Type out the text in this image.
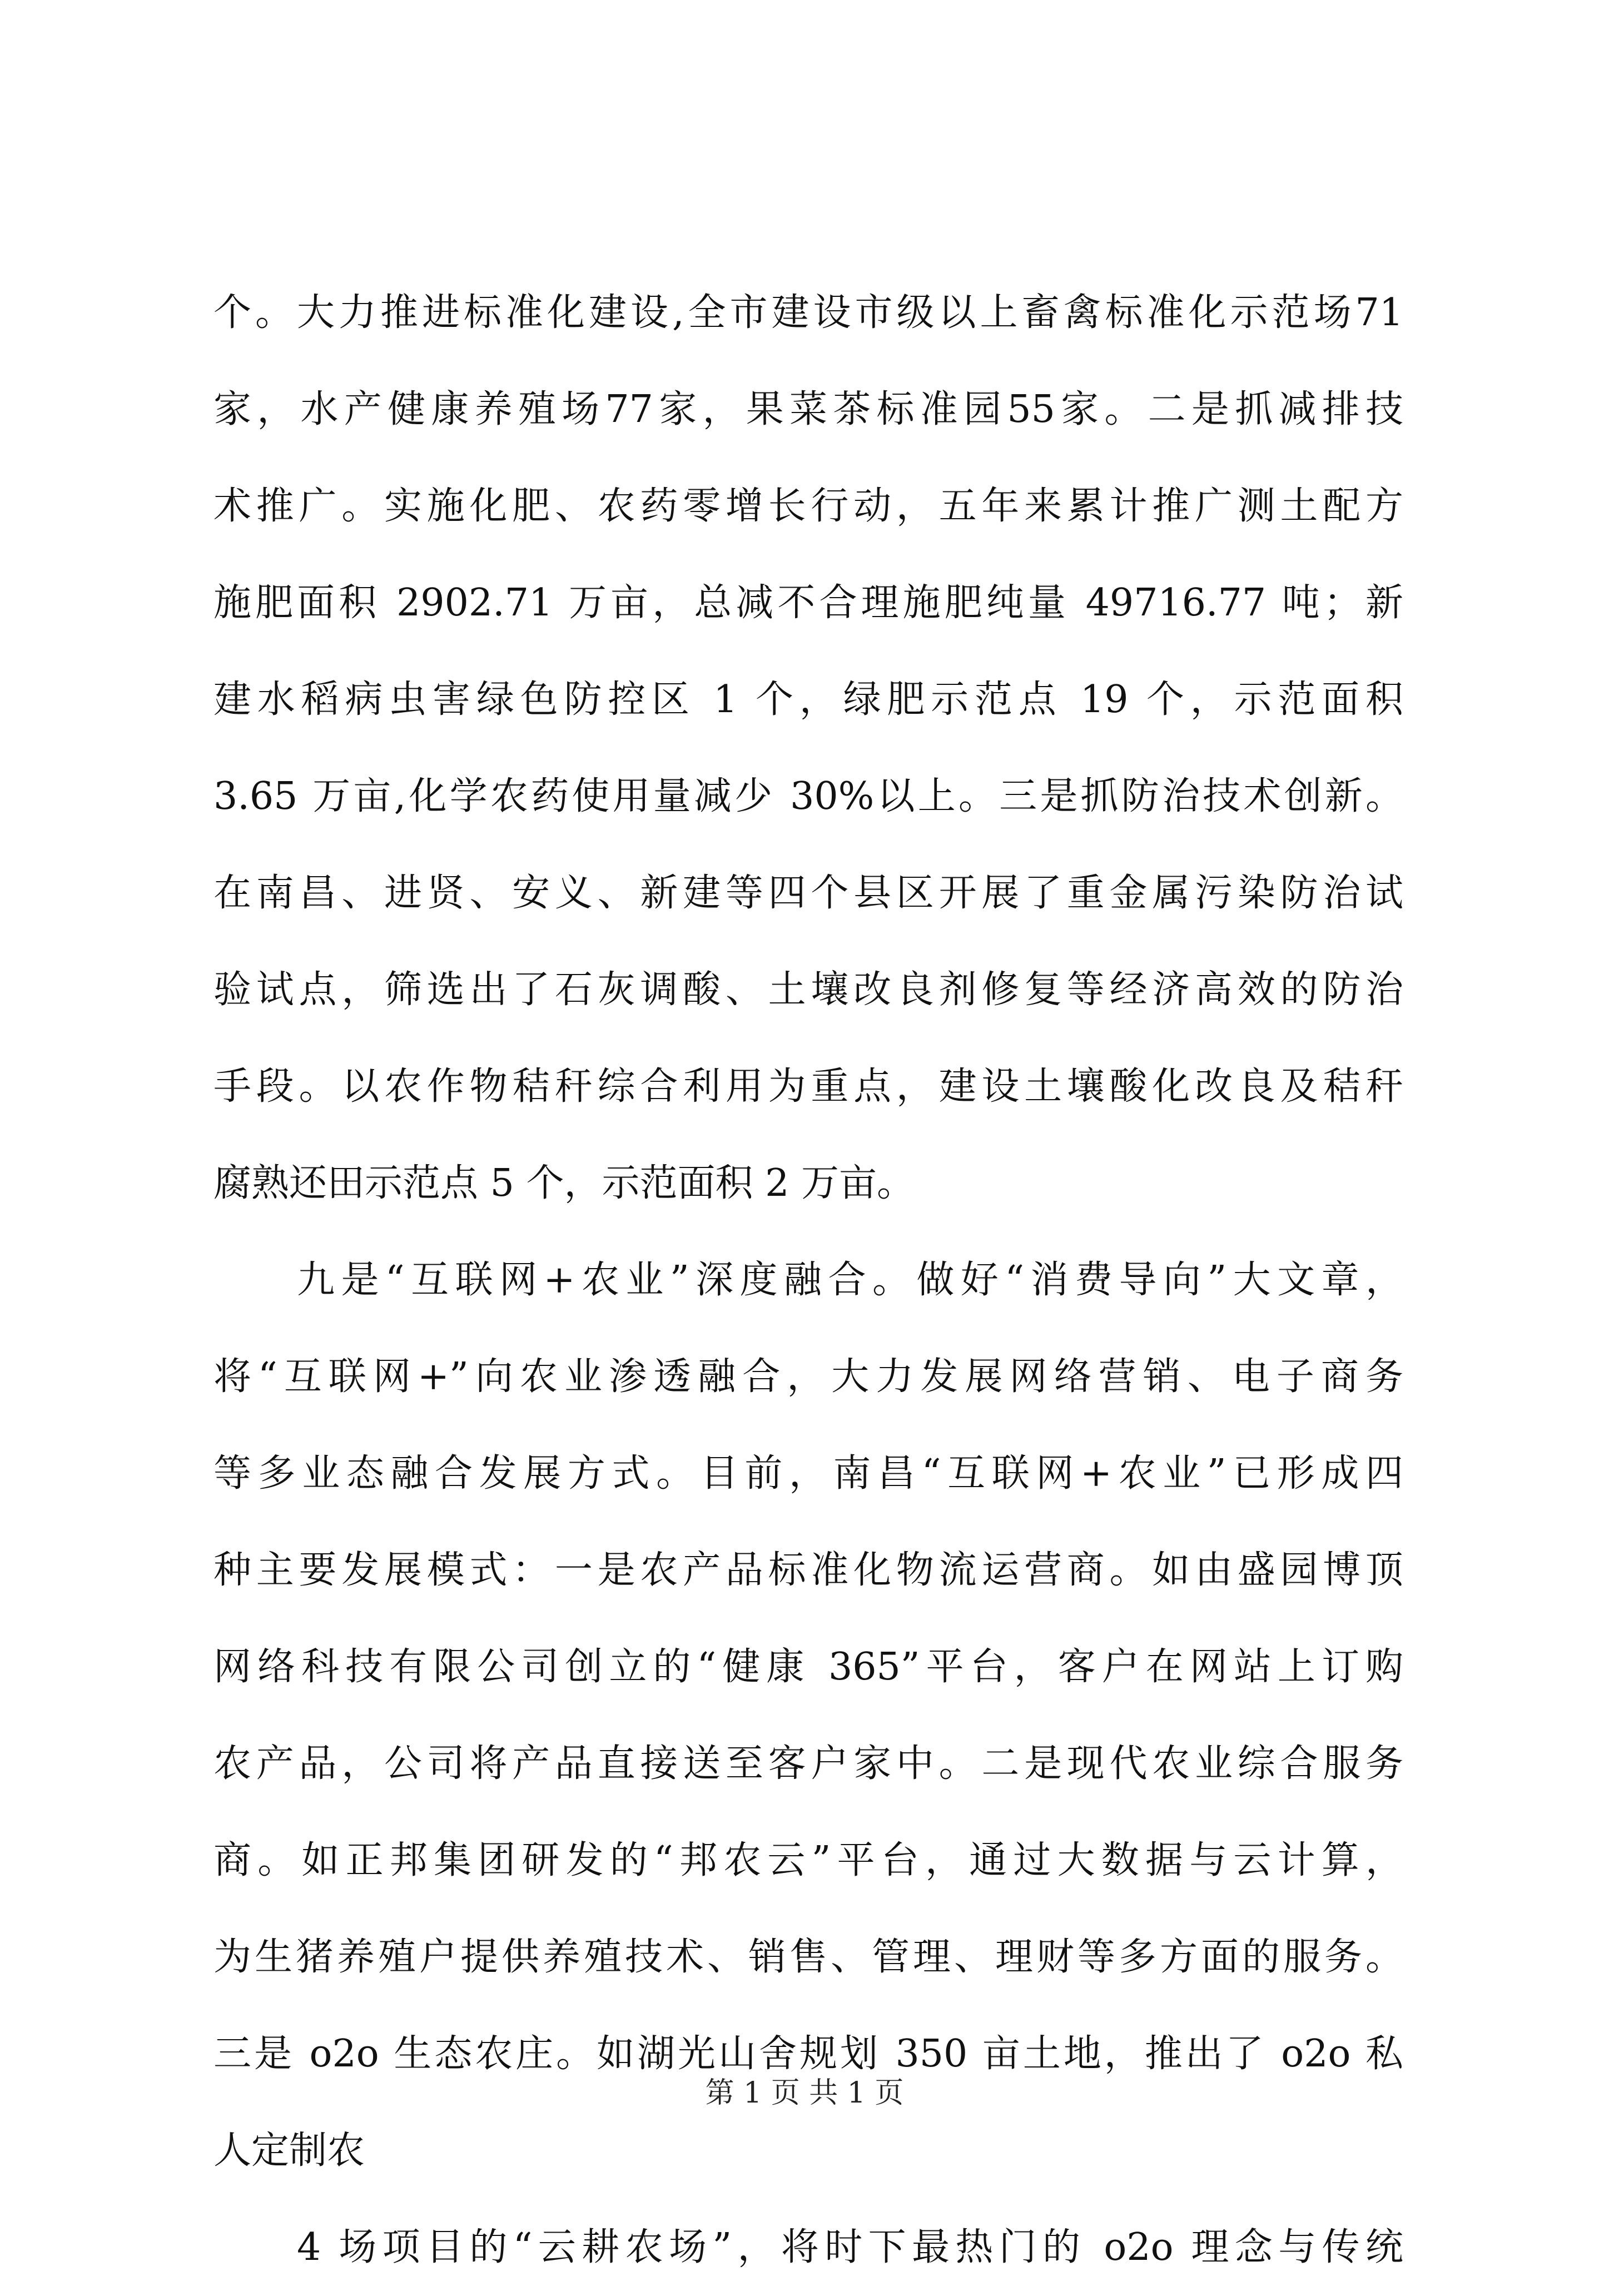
个。大力推进标准化建设,全市建设市级以上畜禽标准化示范场71
家，水产健康养殖场77家，果菜茶标准园55家。二是抓减排技
术推广。实施化肥、农药零增长行动，五年来累计推广测土配方
施肥面积 2902.71 万亩，总减不合理施肥纯量 49716.77 吨；新
建水稻病虫害绿色防控区 1 个，绿肥示范点 19 个，示范面积
3.65 万亩,化学农药使用量减少 30%以上。三是抓防治技术创新。
在南昌、进贤、安义、新建等四个县区开展了重金属污染防治试
验试点，筛选出了石灰调酸、土壤改良剂修复等经济高效的防治
手段。以农作物秸秆综合利用为重点，建设土壤酸化改良及秸秆
腐熟还田示范点 5 个，示范面积 2 万亩。
九是“互联网+农业”深度融合。做好“消费导向”大文章，
将“互联网+”向农业渗透融合，大力发展网络营销、电子商务
等多业态融合发展方式。目前，南昌“互联网+农业”已形成四
种主要发展模式：一是农产品标准化物流运营商。如由盛园博顶
网络科技有限公司创立的“健康 365”平台，客户在网站上订购
农产品，公司将产品直接送至客户家中。二是现代农业综合服务
商。如正邦集团研发的“邦农云”平台，通过大数据与云计算，
为生猪养殖户提供养殖技术、销售、管理、理财等多方面的服务。
三是 o2o 生态农庄。如湖光山舍规划 350 亩土地，推出了 o2o 私
人定制农
4 场项目的“云耕农场”，将时下最热门的 o2o 理念与传统
第 1 页 共 1 页
